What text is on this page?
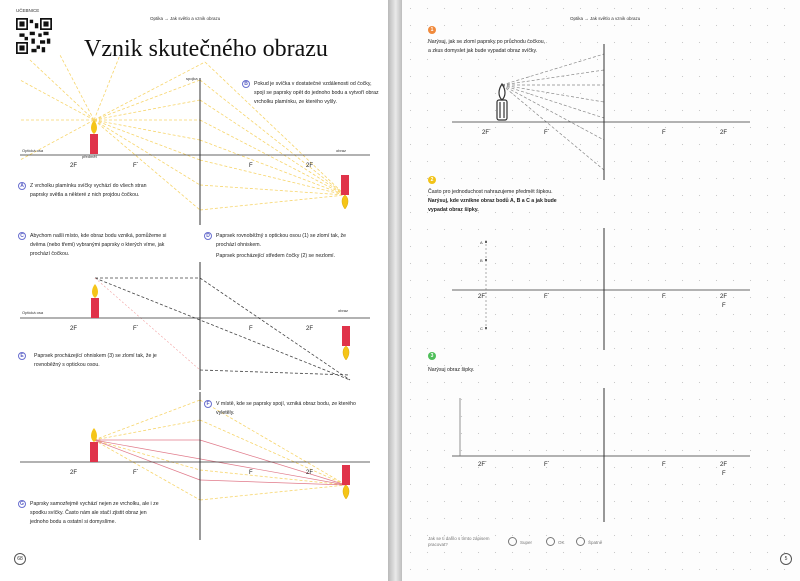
UČEBNICE
Optika → Jak světlo a vznik obrazu
Vznik skutečného obrazu
Optická osa
spojka
obraz
předmět
2F	F´	F	2F
Optická osa	obraz
2F	F´	F	2F
2F	F´	F	2F
B	Pokud je svíčka v dostatečné vzdálenosti od čočky, spojí se paprsky opět do jednoho bodu a vytvoří obraz vrcholku plamínku, ze kterého vyšly.
A	Z vrcholku plamínku svíčky vychází do všech stran paprsky světla a některé z nich projdou čočkou.
C	Abychom našli místo, kde obraz bodu vzniká, pomůžeme si dvěma (nebo třemi) vybranými paprsky o kterých víme, jak prochází čočkou.
D	Paprsek rovnoběžný s optickou osou (1) se zlomí tak, že prochází ohniskem.
Paprsek procházející středem čočky (2) se nezlomí.
E	Paprsek procházející ohniskem (3) se zlomí tak, že je rovnoběžný s optickou osou.
F	V místě, kde se paprsky spojí, vzniká obraz bodu, ze kterého vyletěly.
G	Paprsky samozřejmě vychází nejen ze vrcholku, ale i ze spodku svíčky. Často nám ale stačí zjistit obraz jen jednoho bodu a ostatní si domyslíme.
68
Optika → Jak světlo a vznik obrazu
1
Narýsuj, jak se zlomí paprsky po průchodu čočkou, a zkus domyslet jak bude vypadat obraz svíčky.
2
Často pro jednoduchost nahrazujeme předmět šipkou. Narýsuj, kde vznikne obraz bodů A, B a C a jak bude vypadat obraz šipky.
3
Narýsuj obraz šipky.
2F´	F´	F	2F
A
B
C
2F´	F´	F	2F
F
2F´	F´	F	2F
F
Jak se ti dařilo s tímto zápisem pracovat?	Super	OK	Špatně
5
